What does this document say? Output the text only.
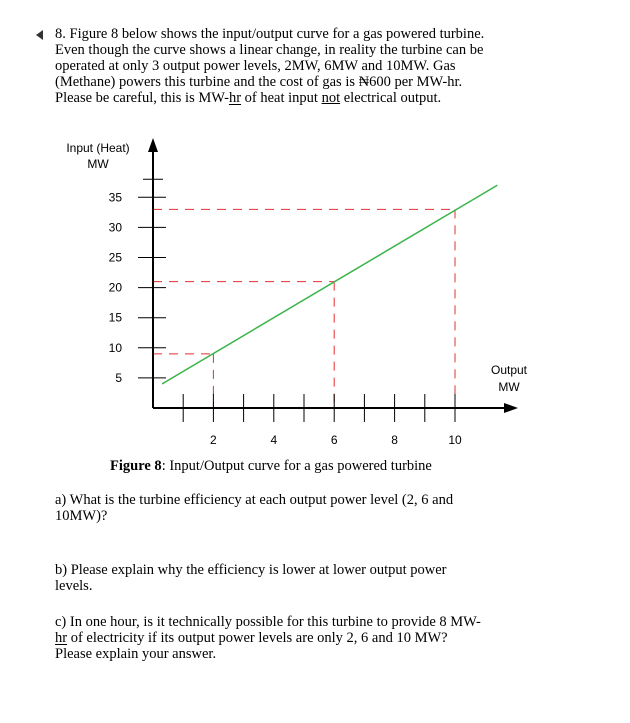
8. Figure 8 below shows the input/output curve for a gas powered turbine.
Even though the curve shows a linear change, in reality the turbine can be
operated at only 3 output power levels, 2MW, 6MW and 10MW. Gas
(Methane) powers this turbine and the cost of gas is ₦600 per MW-hr.
Please be careful, this is MW-hr of heat input not electrical output.
5
10
15
20
25
30
35
2	4	6	8	10
Input (Heat)
MW
Output
MW
Figure 8: Input/Output curve for a gas powered turbine
a) What is the turbine efficiency at each output power level (2, 6 and
10MW)?
b) Please explain why the efficiency is lower at lower output power
levels.
c) In one hour, is it technically possible for this turbine to provide 8 MW-
hr of electricity if its output power levels are only 2, 6 and 10 MW?
Please explain your answer.
